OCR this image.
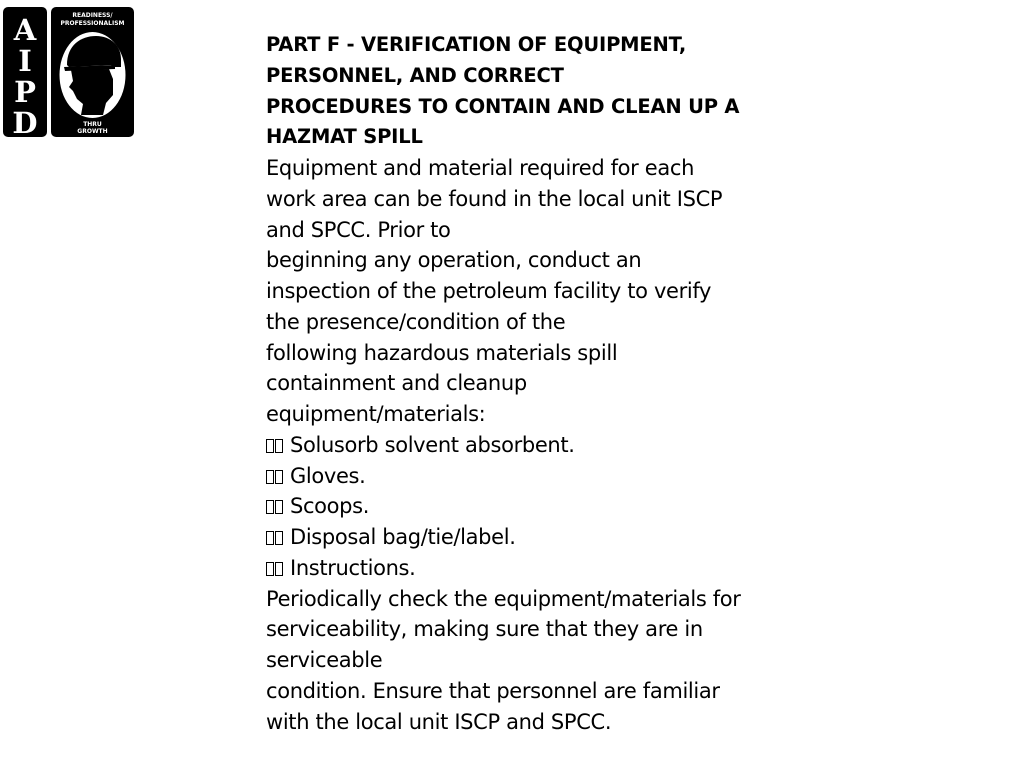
A
I
P
D
READINESS/
PROFESSIONALISM
THRU
GROWTH
PART F - VERIFICATION OF EQUIPMENT,
PERSONNEL, AND CORRECT
PROCEDURES TO CONTAIN AND CLEAN UP A
HAZMAT SPILL
Equipment and material required for each
work area can be found in the local unit ISCP
and SPCC. Prior to
beginning any operation, conduct an
inspection of the petroleum facility to verify
the presence/condition of the
following hazardous materials spill
containment and cleanup
equipment/materials:
Solusorb solvent absorbent.
Gloves.
Scoops.
Disposal bag/tie/label.
Instructions.
Periodically check the equipment/materials for
serviceability, making sure that they are in
serviceable
condition. Ensure that personnel are familiar
with the local unit ISCP and SPCC.
